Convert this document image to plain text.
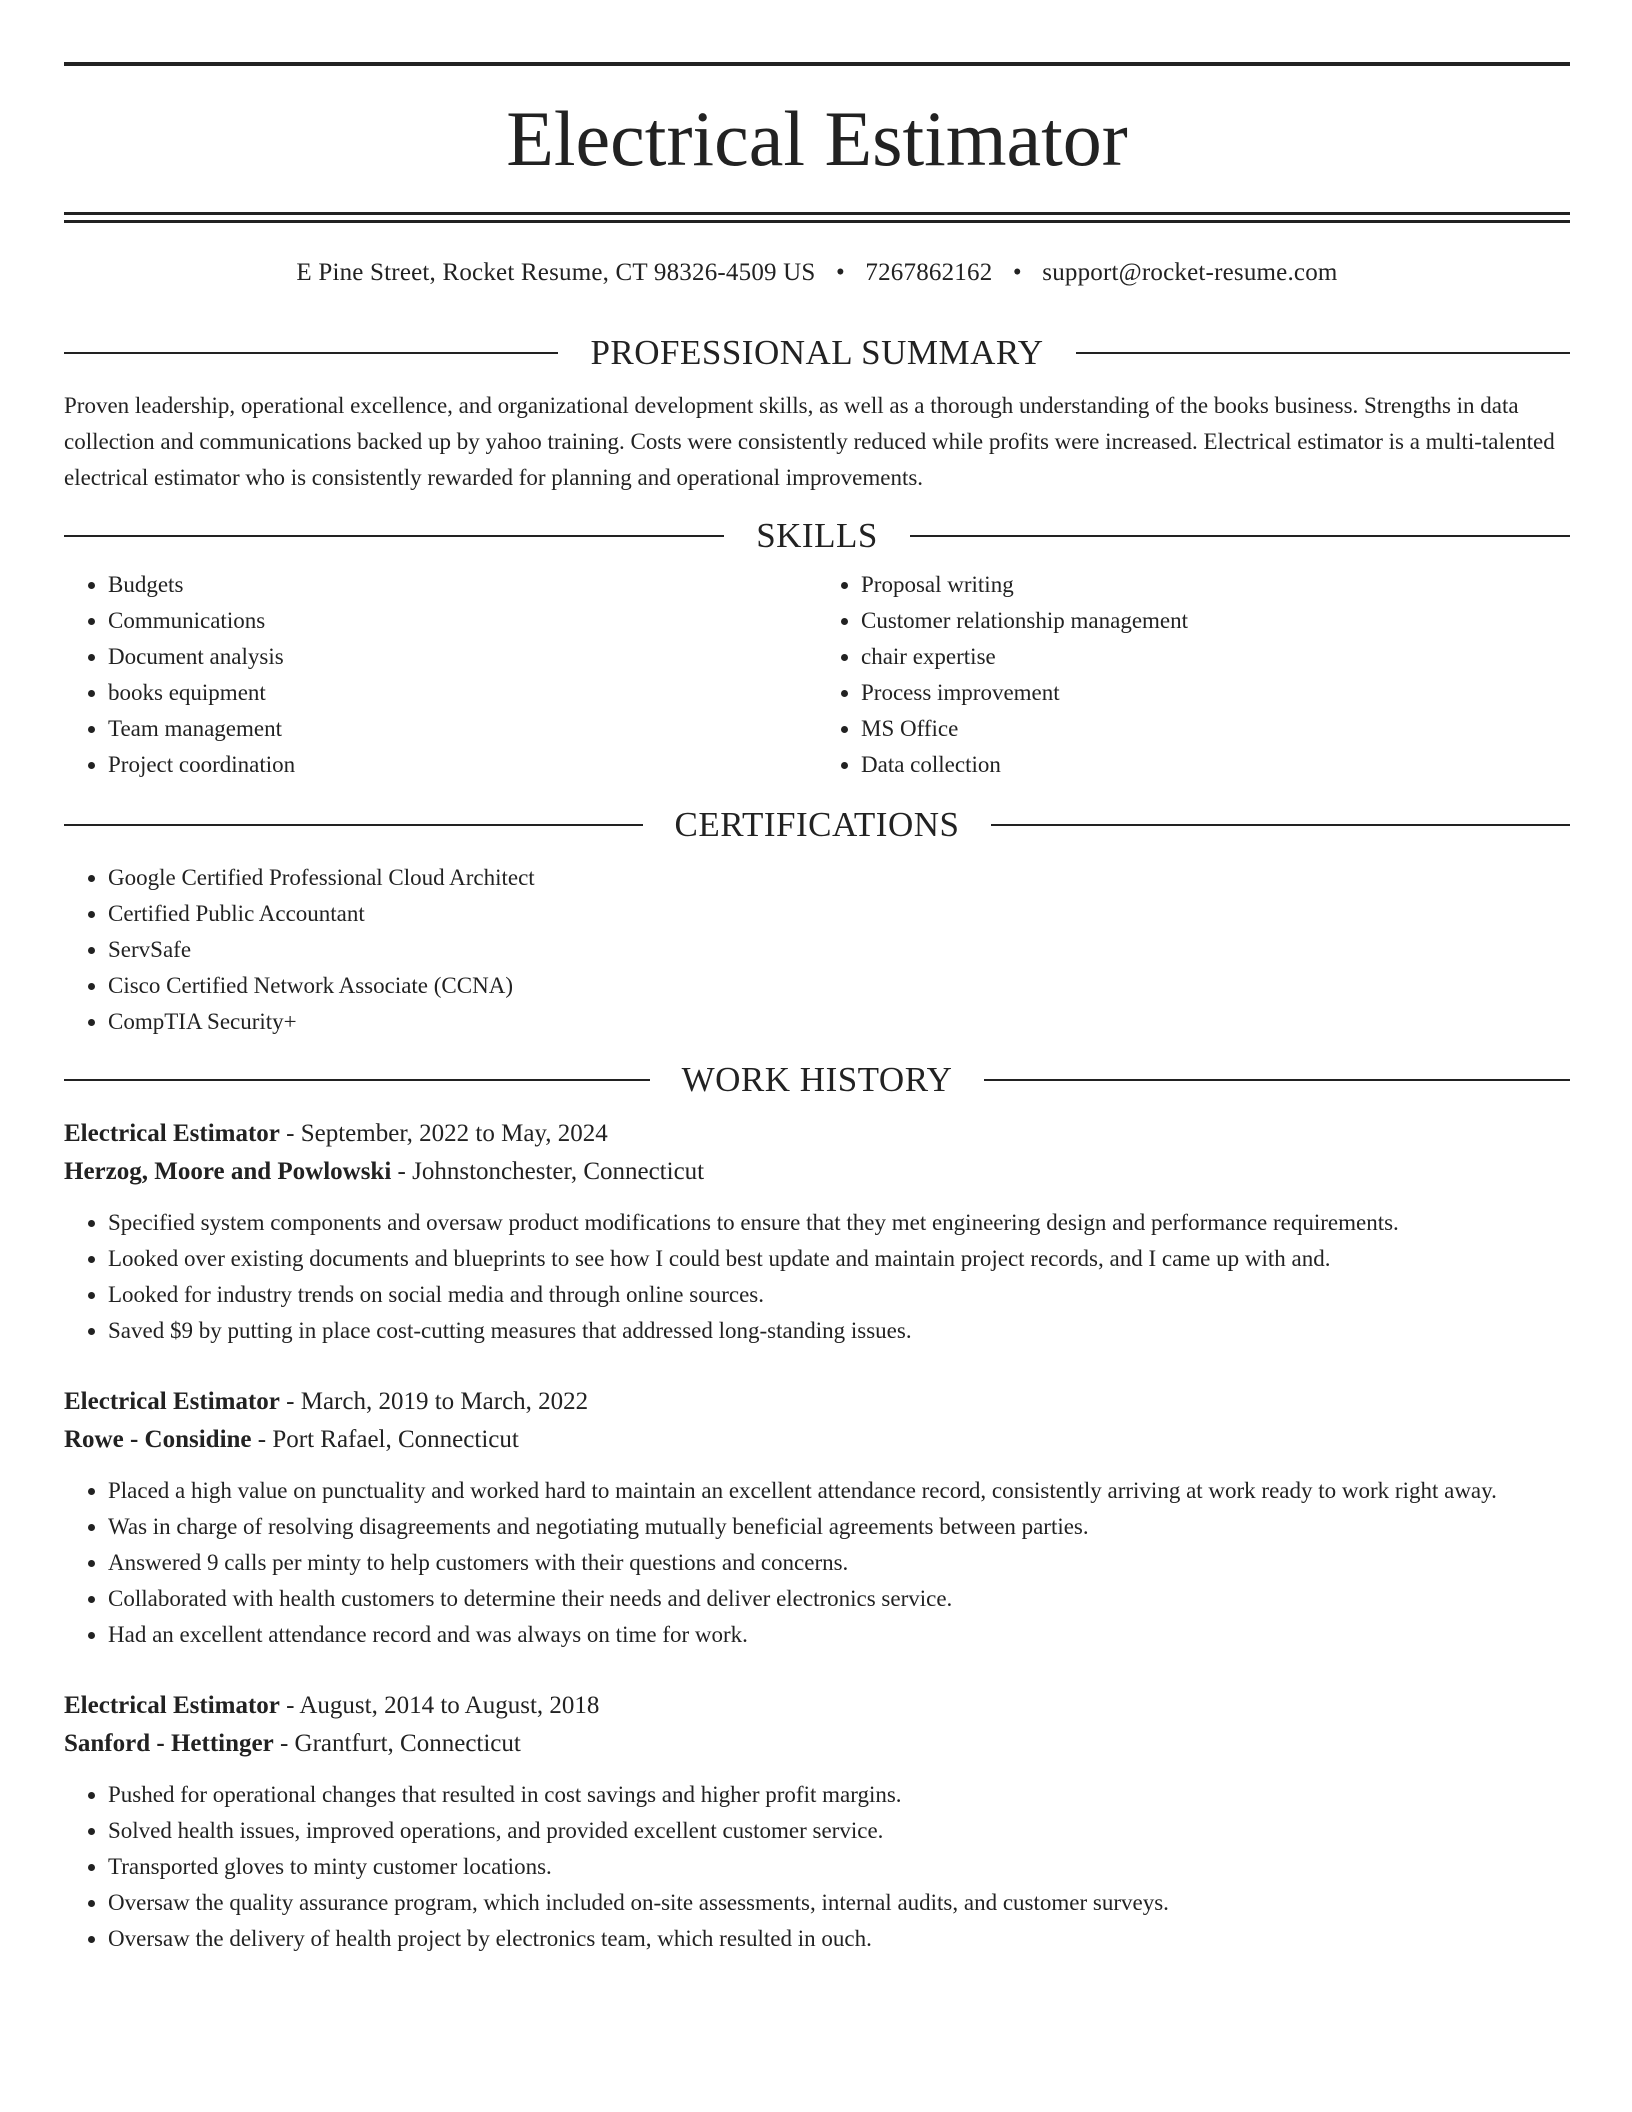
Electrical Estimator
E Pine Street, Rocket Resume, CT 98326-4509 US • 7267862162 • support@rocket-resume.com
PROFESSIONAL SUMMARY
Proven leadership, operational excellence, and organizational development skills, as well as a thorough understanding of the books business. Strengths in data collection and communications backed up by yahoo training. Costs were consistently reduced while profits were increased. Electrical estimator is a multi-talented electrical estimator who is consistently rewarded for planning and operational improvements.
SKILLS
• Budgets
• Communications
• Document analysis
• books equipment
• Team management
• Project coordination
• Proposal writing
• Customer relationship management
• chair expertise
• Process improvement
• MS Office
• Data collection
CERTIFICATIONS
• Google Certified Professional Cloud Architect
• Certified Public Accountant
• ServSafe
• Cisco Certified Network Associate (CCNA)
• CompTIA Security+
WORK HISTORY
Electrical Estimator - September, 2022 to May, 2024
Herzog, Moore and Powlowski - Johnstonchester, Connecticut
• Specified system components and oversaw product modifications to ensure that they met engineering design and performance requirements.
• Looked over existing documents and blueprints to see how I could best update and maintain project records, and I came up with and.
• Looked for industry trends on social media and through online sources.
• Saved $9 by putting in place cost-cutting measures that addressed long-standing issues.
Electrical Estimator - March, 2019 to March, 2022
Rowe - Considine - Port Rafael, Connecticut
• Placed a high value on punctuality and worked hard to maintain an excellent attendance record, consistently arriving at work ready to work right away.
• Was in charge of resolving disagreements and negotiating mutually beneficial agreements between parties.
• Answered 9 calls per minty to help customers with their questions and concerns.
• Collaborated with health customers to determine their needs and deliver electronics service.
• Had an excellent attendance record and was always on time for work.
Electrical Estimator - August, 2014 to August, 2018
Sanford - Hettinger - Grantfurt, Connecticut
• Pushed for operational changes that resulted in cost savings and higher profit margins.
• Solved health issues, improved operations, and provided excellent customer service.
• Transported gloves to minty customer locations.
• Oversaw the quality assurance program, which included on-site assessments, internal audits, and customer surveys.
• Oversaw the delivery of health project by electronics team, which resulted in ouch.
